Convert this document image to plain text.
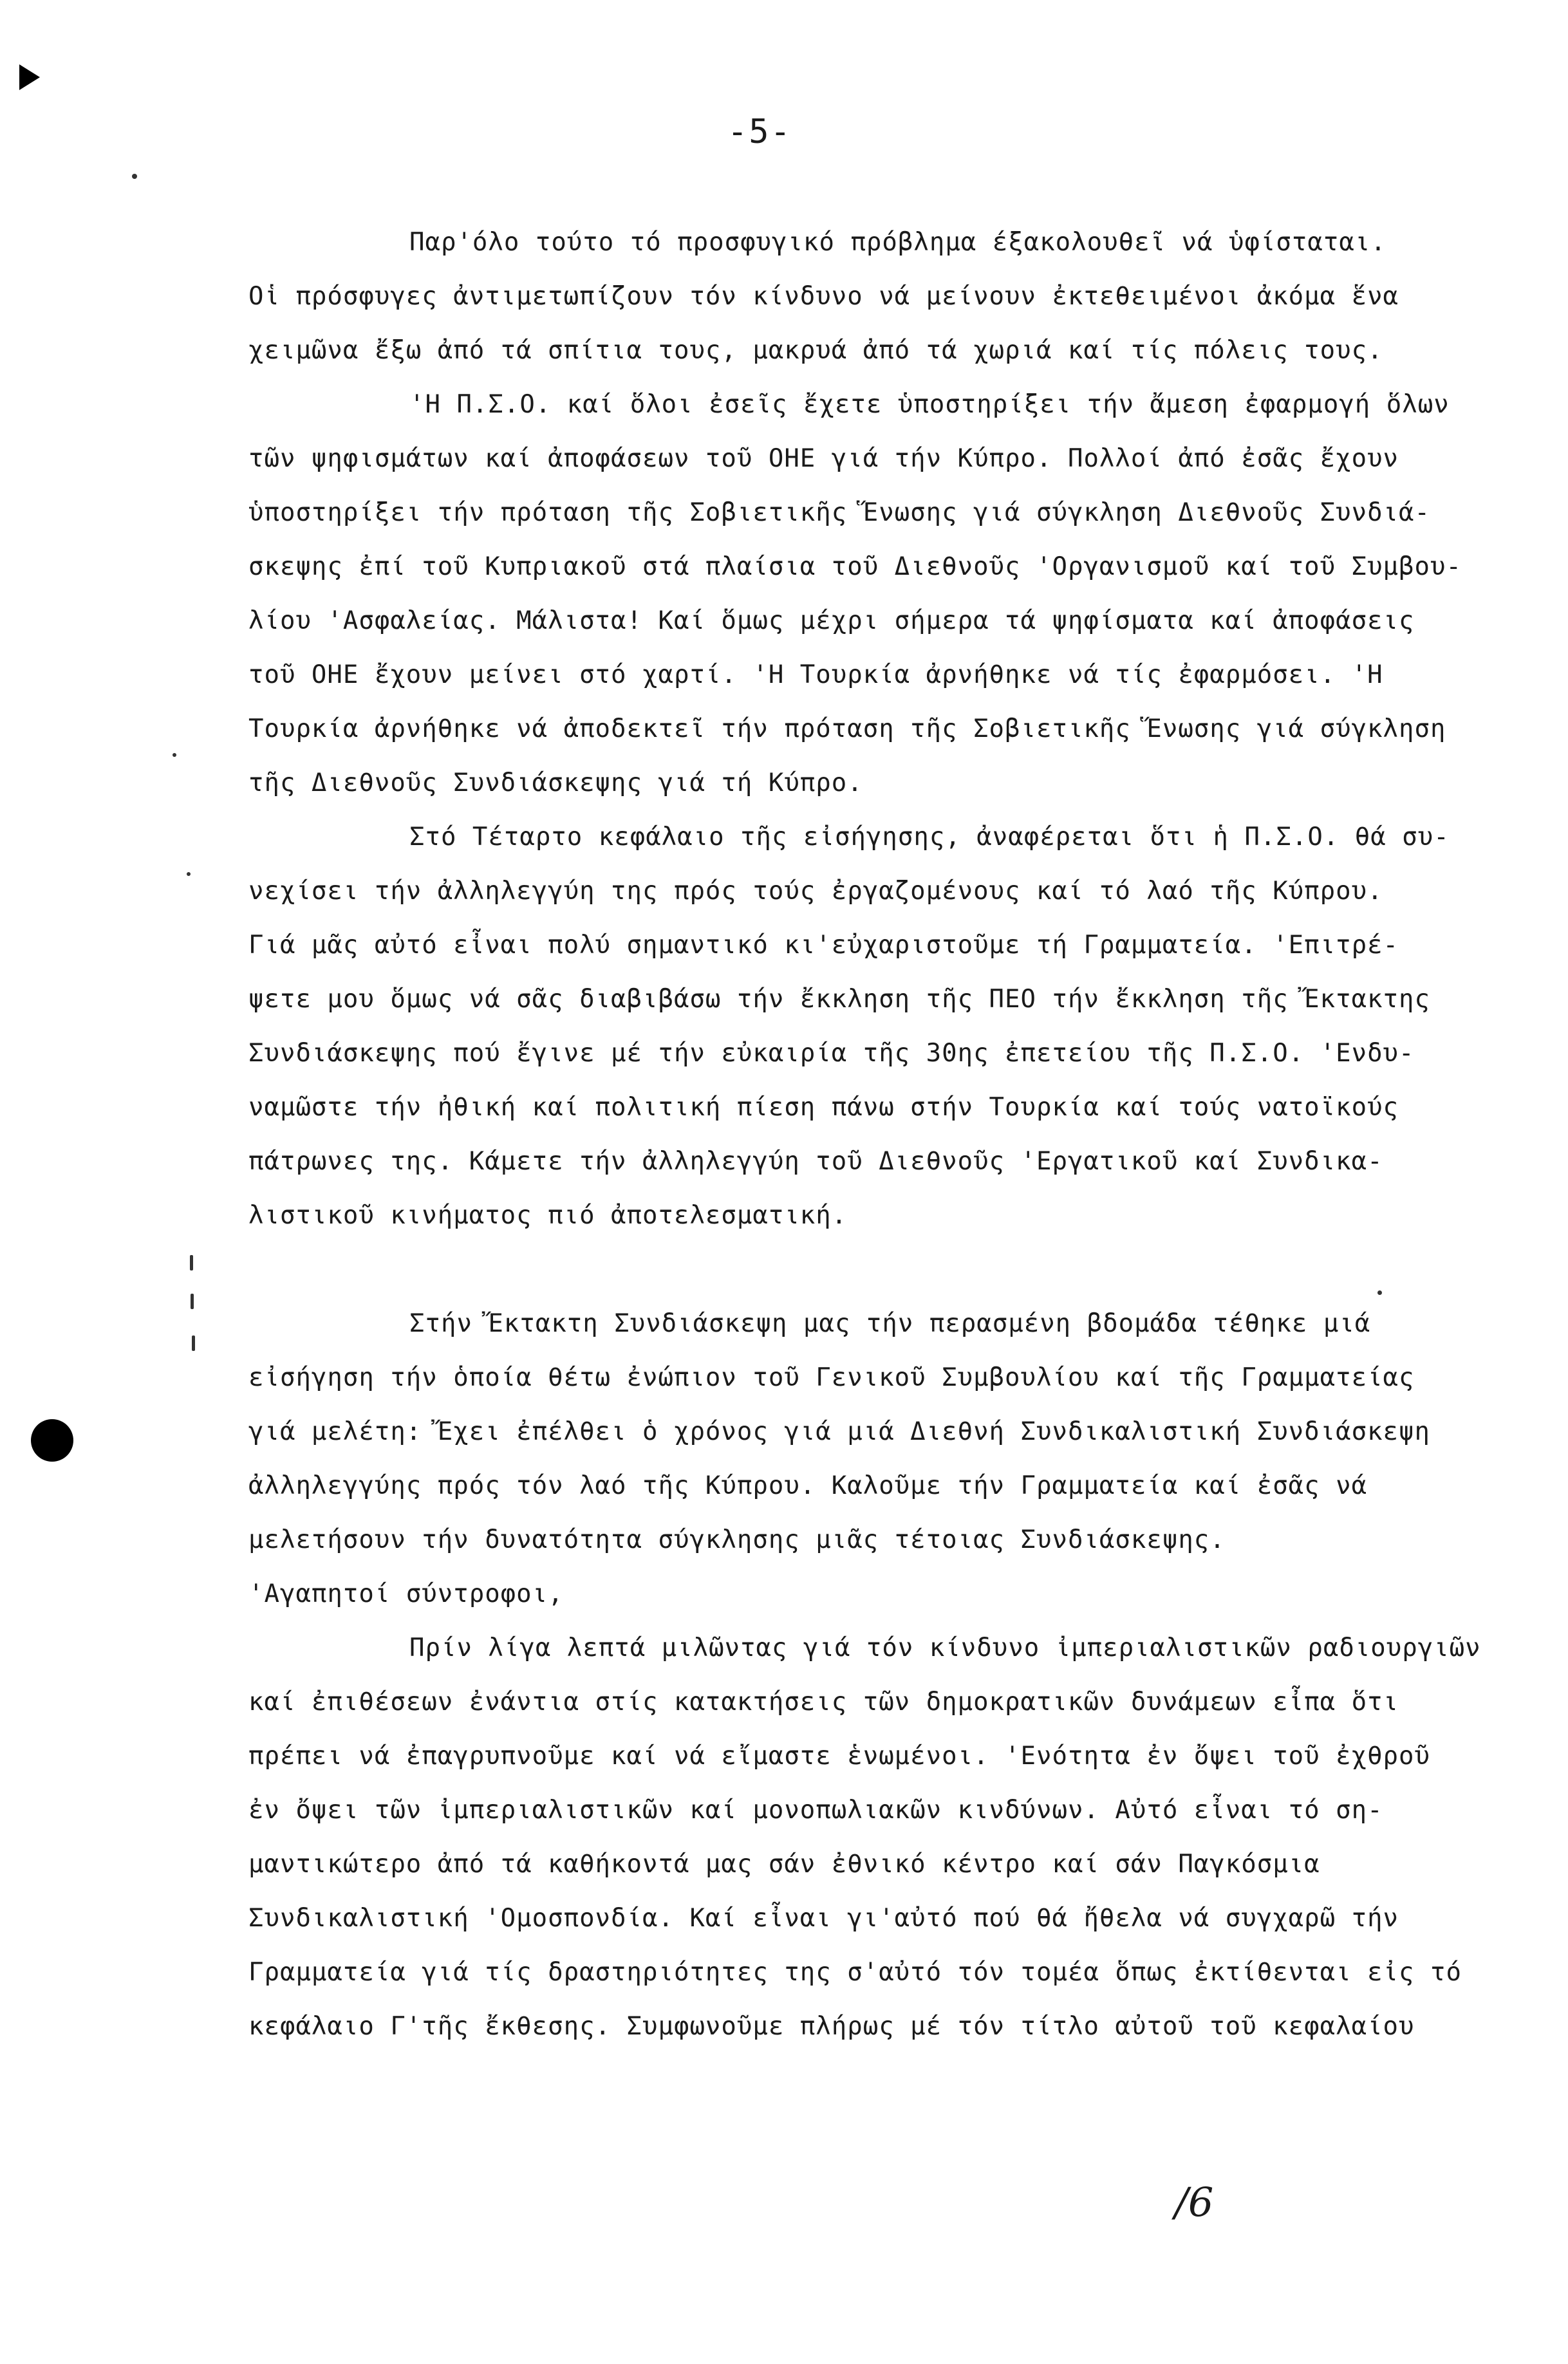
-5-
Παρ'όλο τούτο τό προσφυγικό πρόβλημα έξακολουθεῖ νά ὑφίσταται.
Οἱ πρόσφυγες ἀντιμετωπίζουν τόν κίνδυνο νά μείνουν ἐκτεθειμένοι ἀκόμα ἕνα
χειμῶνα ἔξω ἀπό τά σπίτια τους, μακρυά ἀπό τά χωριά καί τίς πόλεις τους.
'Η Π.Σ.Ο. καί ὅλοι ἐσεῖς ἔχετε ὑποστηρίξει τήν ἄμεση ἐφαρμογή ὅλων
τῶν ψηφισμάτων καί ἀποφάσεων τοῦ ΟΗΕ γιά τήν Κύπρο. Πολλοί ἀπό ἐσᾶς ἔχουν
ὑποστηρίξει τήν πρόταση τῆς Σοβιετικῆς Ἕνωσης γιά σύγκληση Διεθνοῦς Συνδιά-
σκεψης ἐπί τοῦ Κυπριακοῦ στά πλαίσια τοῦ Διεθνοῦς 'Οργανισμοῦ καί τοῦ Συμβου-
λίου 'Ασφαλείας. Μάλιστα! Καί ὅμως μέχρι σήμερα τά ψηφίσματα καί ἀποφάσεις
τοῦ ΟΗΕ ἔχουν μείνει στό χαρτί. 'Η Τουρκία ἀρνήθηκε νά τίς ἐφαρμόσει. 'Η
Τουρκία ἀρνήθηκε νά ἀποδεκτεῖ τήν πρόταση τῆς Σοβιετικῆς Ἕνωσης γιά σύγκληση
τῆς Διεθνοῦς Συνδιάσκεψης γιά τή Κύπρο.
Στό Τέταρτο κεφάλαιο τῆς εἰσήγησης, ἀναφέρεται ὅτι ἡ Π.Σ.Ο. θά συ-
νεχίσει τήν ἀλληλεγγύη της πρός τούς ἐργαζομένους καί τό λαό τῆς Κύπρου.
Γιά μᾶς αὐτό εἶναι πολύ σημαντικό κι'εὐχαριστοῦμε τή Γραμματεία. 'Επιτρέ-
ψετε μου ὅμως νά σᾶς διαβιβάσω τήν ἔκκληση τῆς ΠΕΟ τήν ἔκκληση τῆς Ἔκτακτης
Συνδιάσκεψης πού ἔγινε μέ τήν εὐκαιρία τῆς 30ης ἐπετείου τῆς Π.Σ.Ο. 'Ενδυ-
ναμῶστε τήν ἠθική καί πολιτική πίεση πάνω στήν Τουρκία καί τούς νατοϊκούς
πάτρωνες της. Κάμετε τήν ἀλληλεγγύη τοῦ Διεθνοῦς 'Εργατικοῦ καί Συνδικα-
λιστικοῦ κινήματος πιό ἀποτελεσματική.
Στήν Ἔκτακτη Συνδιάσκεψη μας τήν περασμένη βδομάδα τέθηκε μιά
εἰσήγηση τήν ὁποία θέτω ἐνώπιον τοῦ Γενικοῦ Συμβουλίου καί τῆς Γραμματείας
γιά μελέτη: Ἔχει ἐπέλθει ὁ χρόνος γιά μιά Διεθνή Συνδικαλιστική Συνδιάσκεψη
ἀλληλεγγύης πρός τόν λαό τῆς Κύπρου. Καλοῦμε τήν Γραμματεία καί ἐσᾶς νά
μελετήσουν τήν δυνατότητα σύγκλησης μιᾶς τέτοιας Συνδιάσκεψης.
'Αγαπητοί σύντροφοι,
Πρίν λίγα λεπτά μιλῶντας γιά τόν κίνδυνο ἰμπεριαλιστικῶν ραδιουργιῶν
καί ἐπιθέσεων ἐνάντια στίς κατακτήσεις τῶν δημοκρατικῶν δυνάμεων εἶπα ὅτι
πρέπει νά ἐπαγρυπνοῦμε καί νά εἴμαστε ἑνωμένοι. 'Ενότητα ἐν ὄψει τοῦ ἐχθροῦ
ἐν ὄψει τῶν ἰμπεριαλιστικῶν καί μονοπωλιακῶν κινδύνων. Αὐτό εἶναι τό ση-
μαντικώτερο ἀπό τά καθήκοντά μας σάν ἐθνικό κέντρο καί σάν Παγκόσμια
Συνδικαλιστική 'Ομοσπονδία. Καί εἶναι γι'αὐτό πού θά ἤθελα νά συγχαρῶ τήν
Γραμματεία γιά τίς δραστηριότητες της σ'αὐτό τόν τομέα ὅπως ἐκτίθενται εἰς τό
κεφάλαιο Γ'τῆς ἔκθεσης. Συμφωνοῦμε πλήρως μέ τόν τίτλο αὐτοῦ τοῦ κεφαλαίου
/6
